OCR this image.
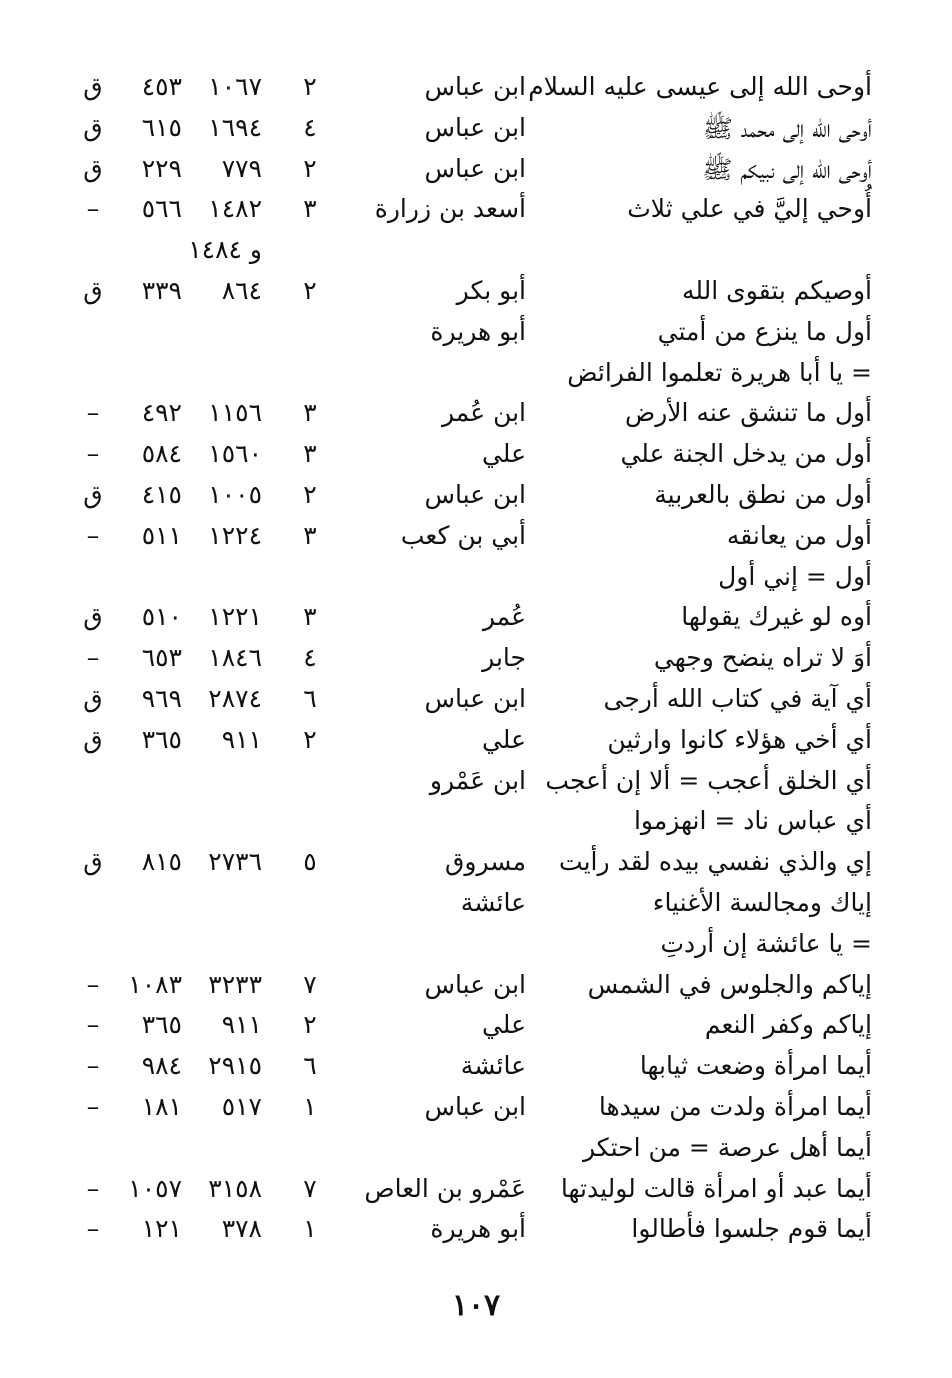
أوحى الله إلى عيسى عليه السلام
ابن عباس
٢
١٠٦٧
٤٥٣
ق
أوحى الله إلى محمد ﷺ
ابن عباس
٤
١٦٩٤
٦١٥
ق
أوحى الله إلى نبيكم ﷺ
ابن عباس
٢
٧٧٩
٢٢٩
ق
أُوحي إليَّ في علي ثلاث
أسعد بن زرارة
٣
١٤٨٢
٥٦٦
–
و ١٤٨٤
أوصيكم بتقوى الله
أبو بكر
٢
٨٦٤
٣٣٩
ق
أول ما ينزع من أمتي
أبو هريرة
= يا أبا هريرة تعلموا الفرائض
أول ما تنشق عنه الأرض
ابن عُمر
٣
١١٥٦
٤٩٢
–
أول من يدخل الجنة علي
علي
٣
١٥٦٠
٥٨٤
–
أول من نطق بالعربية
ابن عباس
٢
١٠٠٥
٤١٥
ق
أول من يعانقه
أبي بن كعب
٣
١٢٢٤
٥١١
–
أول = إني أول
أوه لو غيرك يقولها
عُمر
٣
١٢٢١
٥١٠
ق
أوَ لا تراه ينضح وجهي
جابر
٤
١٨٤٦
٦٥٣
–
أي آية في كتاب الله أرجى
ابن عباس
٦
٢٨٧٤
٩٦٩
ق
أي أخي هؤلاء كانوا وارثين
علي
٢
٩١١
٣٦٥
ق
أي الخلق أعجب = ألا إن أعجب
ابن عَمْرو
أي عباس ناد = انهزموا
إي والذي نفسي بيده لقد رأيت
مسروق
٥
٢٧٣٦
٨١٥
ق
إياك ومجالسة الأغنياء
عائشة
= يا عائشة إن أردتِ
إياكم والجلوس في الشمس
ابن عباس
٧
٣٢٣٣
١٠٨٣
–
إياكم وكفر النعم
علي
٢
٩١١
٣٦٥
–
أيما امرأة وضعت ثيابها
عائشة
٦
٢٩١٥
٩٨٤
–
أيما امرأة ولدت من سيدها
ابن عباس
١
٥١٧
١٨١
–
أيما أهل عرصة = من احتكر
أيما عبد أو امرأة قالت لوليدتها
عَمْرو بن العاص
٧
٣١٥٨
١٠٥٧
–
أيما قوم جلسوا فأطالوا
أبو هريرة
١
٣٧٨
١٢١
–
١٠٧
